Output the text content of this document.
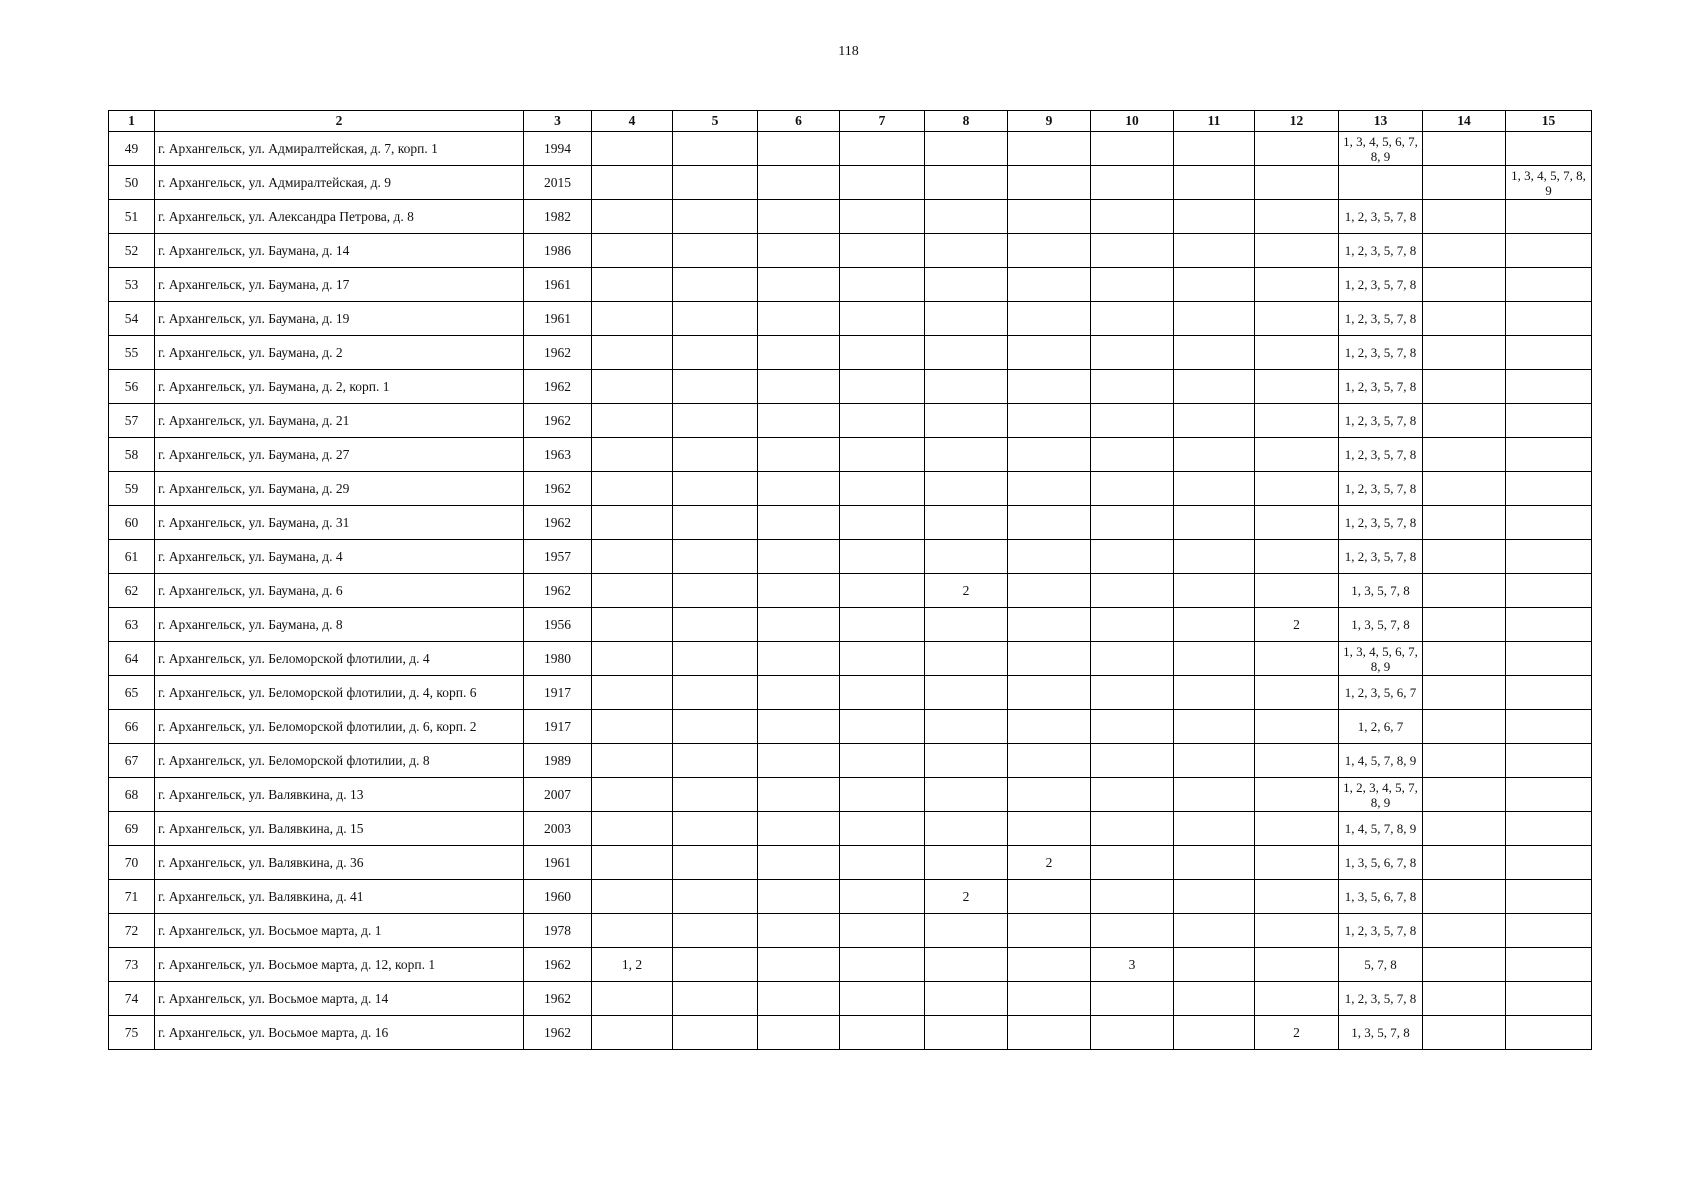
118
1	2	3	4	5	6	7	8	9	10	11	12	13	14	15
49	г. Архангельск, ул. Адмиралтейская, д. 7, корп. 1	1994										1, 3, 4, 5, 6, 7, 8, 9		
50	г. Архангельск, ул. Адмиралтейская, д. 9	2015												1, 3, 4, 5, 7, 8, 9
51	г. Архангельск, ул. Александра Петрова, д. 8	1982										1, 2, 3, 5, 7, 8		
52	г. Архангельск, ул. Баумана, д. 14	1986										1, 2, 3, 5, 7, 8		
53	г. Архангельск, ул. Баумана, д. 17	1961										1, 2, 3, 5, 7, 8		
54	г. Архангельск, ул. Баумана, д. 19	1961										1, 2, 3, 5, 7, 8		
55	г. Архангельск, ул. Баумана, д. 2	1962										1, 2, 3, 5, 7, 8		
56	г. Архангельск, ул. Баумана, д. 2, корп. 1	1962										1, 2, 3, 5, 7, 8		
57	г. Архангельск, ул. Баумана, д. 21	1962										1, 2, 3, 5, 7, 8		
58	г. Архангельск, ул. Баумана, д. 27	1963										1, 2, 3, 5, 7, 8		
59	г. Архангельск, ул. Баумана, д. 29	1962										1, 2, 3, 5, 7, 8		
60	г. Архангельск, ул. Баумана, д. 31	1962										1, 2, 3, 5, 7, 8		
61	г. Архангельск, ул. Баумана, д. 4	1957										1, 2, 3, 5, 7, 8		
62	г. Архангельск, ул. Баумана, д. 6	1962					2					1, 3, 5, 7, 8		
63	г. Архангельск, ул. Баумана, д. 8	1956									2	1, 3, 5, 7, 8		
64	г. Архангельск, ул. Беломорской флотилии, д. 4	1980										1, 3, 4, 5, 6, 7, 8, 9		
65	г. Архангельск, ул. Беломорской флотилии, д. 4, корп. 6	1917										1, 2, 3, 5, 6, 7		
66	г. Архангельск, ул. Беломорской флотилии, д. 6, корп. 2	1917										1, 2, 6, 7		
67	г. Архангельск, ул. Беломорской флотилии, д. 8	1989										1, 4, 5, 7, 8, 9		
68	г. Архангельск, ул. Валявкина, д. 13	2007										1, 2, 3, 4, 5, 7, 8, 9		
69	г. Архангельск, ул. Валявкина, д. 15	2003										1, 4, 5, 7, 8, 9		
70	г. Архангельск, ул. Валявкина, д. 36	1961						2				1, 3, 5, 6, 7, 8		
71	г. Архангельск, ул. Валявкина, д. 41	1960					2					1, 3, 5, 6, 7, 8		
72	г. Архангельск, ул. Восьмое марта, д. 1	1978										1, 2, 3, 5, 7, 8		
73	г. Архангельск, ул. Восьмое марта, д. 12, корп. 1	1962	1, 2						3			5, 7, 8		
74	г. Архангельск, ул. Восьмое марта, д. 14	1962										1, 2, 3, 5, 7, 8		
75	г. Архангельск, ул. Восьмое марта, д. 16	1962									2	1, 3, 5, 7, 8		
